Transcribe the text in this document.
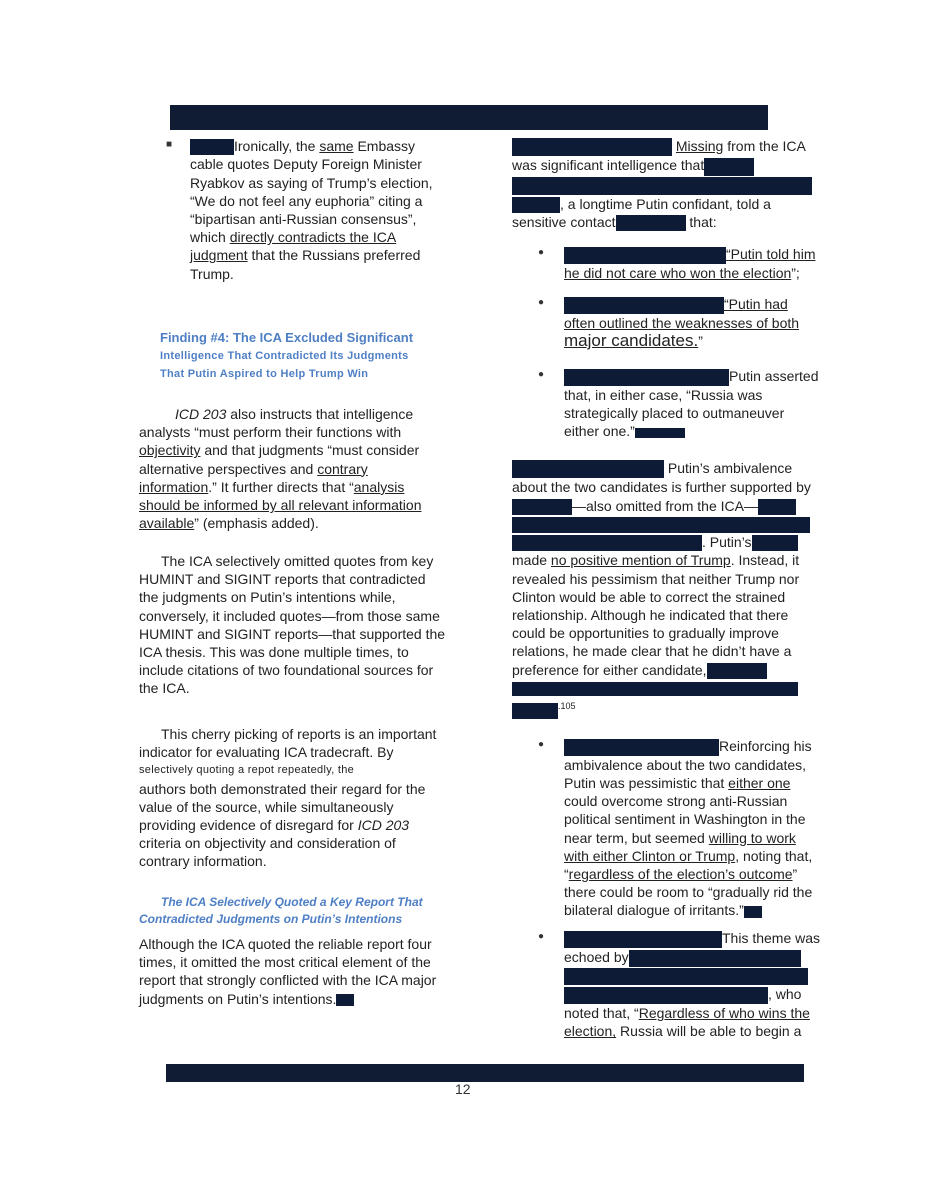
■	Ironically, the same Embassy
cable quotes Deputy Foreign Minister
Ryabkov as saying of Trump’s election,
“We do not feel any euphoria” citing a
“bipartisan anti-Russian consensus”,
which directly contradicts the ICA
judgment that the Russians preferred
Trump.
Finding #4: The ICA Excluded Significant
Intelligence That Contradicted Its Judgments
That Putin Aspired to Help Trump Win
ICD 203 also instructs that intelligence
analysts “must perform their functions with
objectivity and that judgments “must consider
alternative perspectives and contrary
information.” It further directs that “analysis
should be informed by all relevant information
available” (emphasis added).
The ICA selectively omitted quotes from key
HUMINT and SIGINT reports that contradicted
the judgments on Putin’s intentions while,
conversely, it included quotes—from those same
HUMINT and SIGINT reports—that supported the
ICA thesis. This was done multiple times, to
include citations of two foundational sources for
the ICA.
This cherry picking of reports is an important
indicator for evaluating ICA tradecraft. By
selectively quoting a repot repeatedly, the
authors both demonstrated their regard for the
value of the source, while simultaneously
providing evidence of disregard for ICD 203
criteria on objectivity and consideration of
contrary information.
The ICA Selectively Quoted a Key Report That
Contradicted Judgments on Putin’s Intentions
Although the ICA quoted the reliable report four
times, it omitted the most critical element of the
report that strongly conflicted with the ICA major
judgments on Putin’s intentions.
Missing from the ICA
was significant intelligence that
, a longtime Putin confidant, told a
sensitive contact	that:
●	“Putin told him
he did not care who won the election”;
●	“Putin had
often outlined the weaknesses of both
major candidates.”
●	Putin asserted
that, in either case, “Russia was
strategically placed to outmaneuver
either one.”
Putin’s ambivalence
about the two candidates is further supported by
—also omitted from the ICA—
. Putin’s
made no positive mention of Trump. Instead, it
revealed his pessimism that neither Trump nor
Clinton would be able to correct the strained
relationship. Although he indicated that there
could be opportunities to gradually improve
relations, he made clear that he didn’t have a
preference for either candidate,
$^{.105}$
●	Reinforcing his
ambivalence about the two candidates,
Putin was pessimistic that either one
could overcome strong anti-Russian
political sentiment in Washington in the
near term, but seemed willing to work
with either Clinton or Trump, noting that,
“regardless of the election’s outcome”
there could be room to “gradually rid the
bilateral dialogue of irritants.”
●	This theme was
echoed by
, who
noted that, “Regardless of who wins the
election, Russia will be able to begin a
12
